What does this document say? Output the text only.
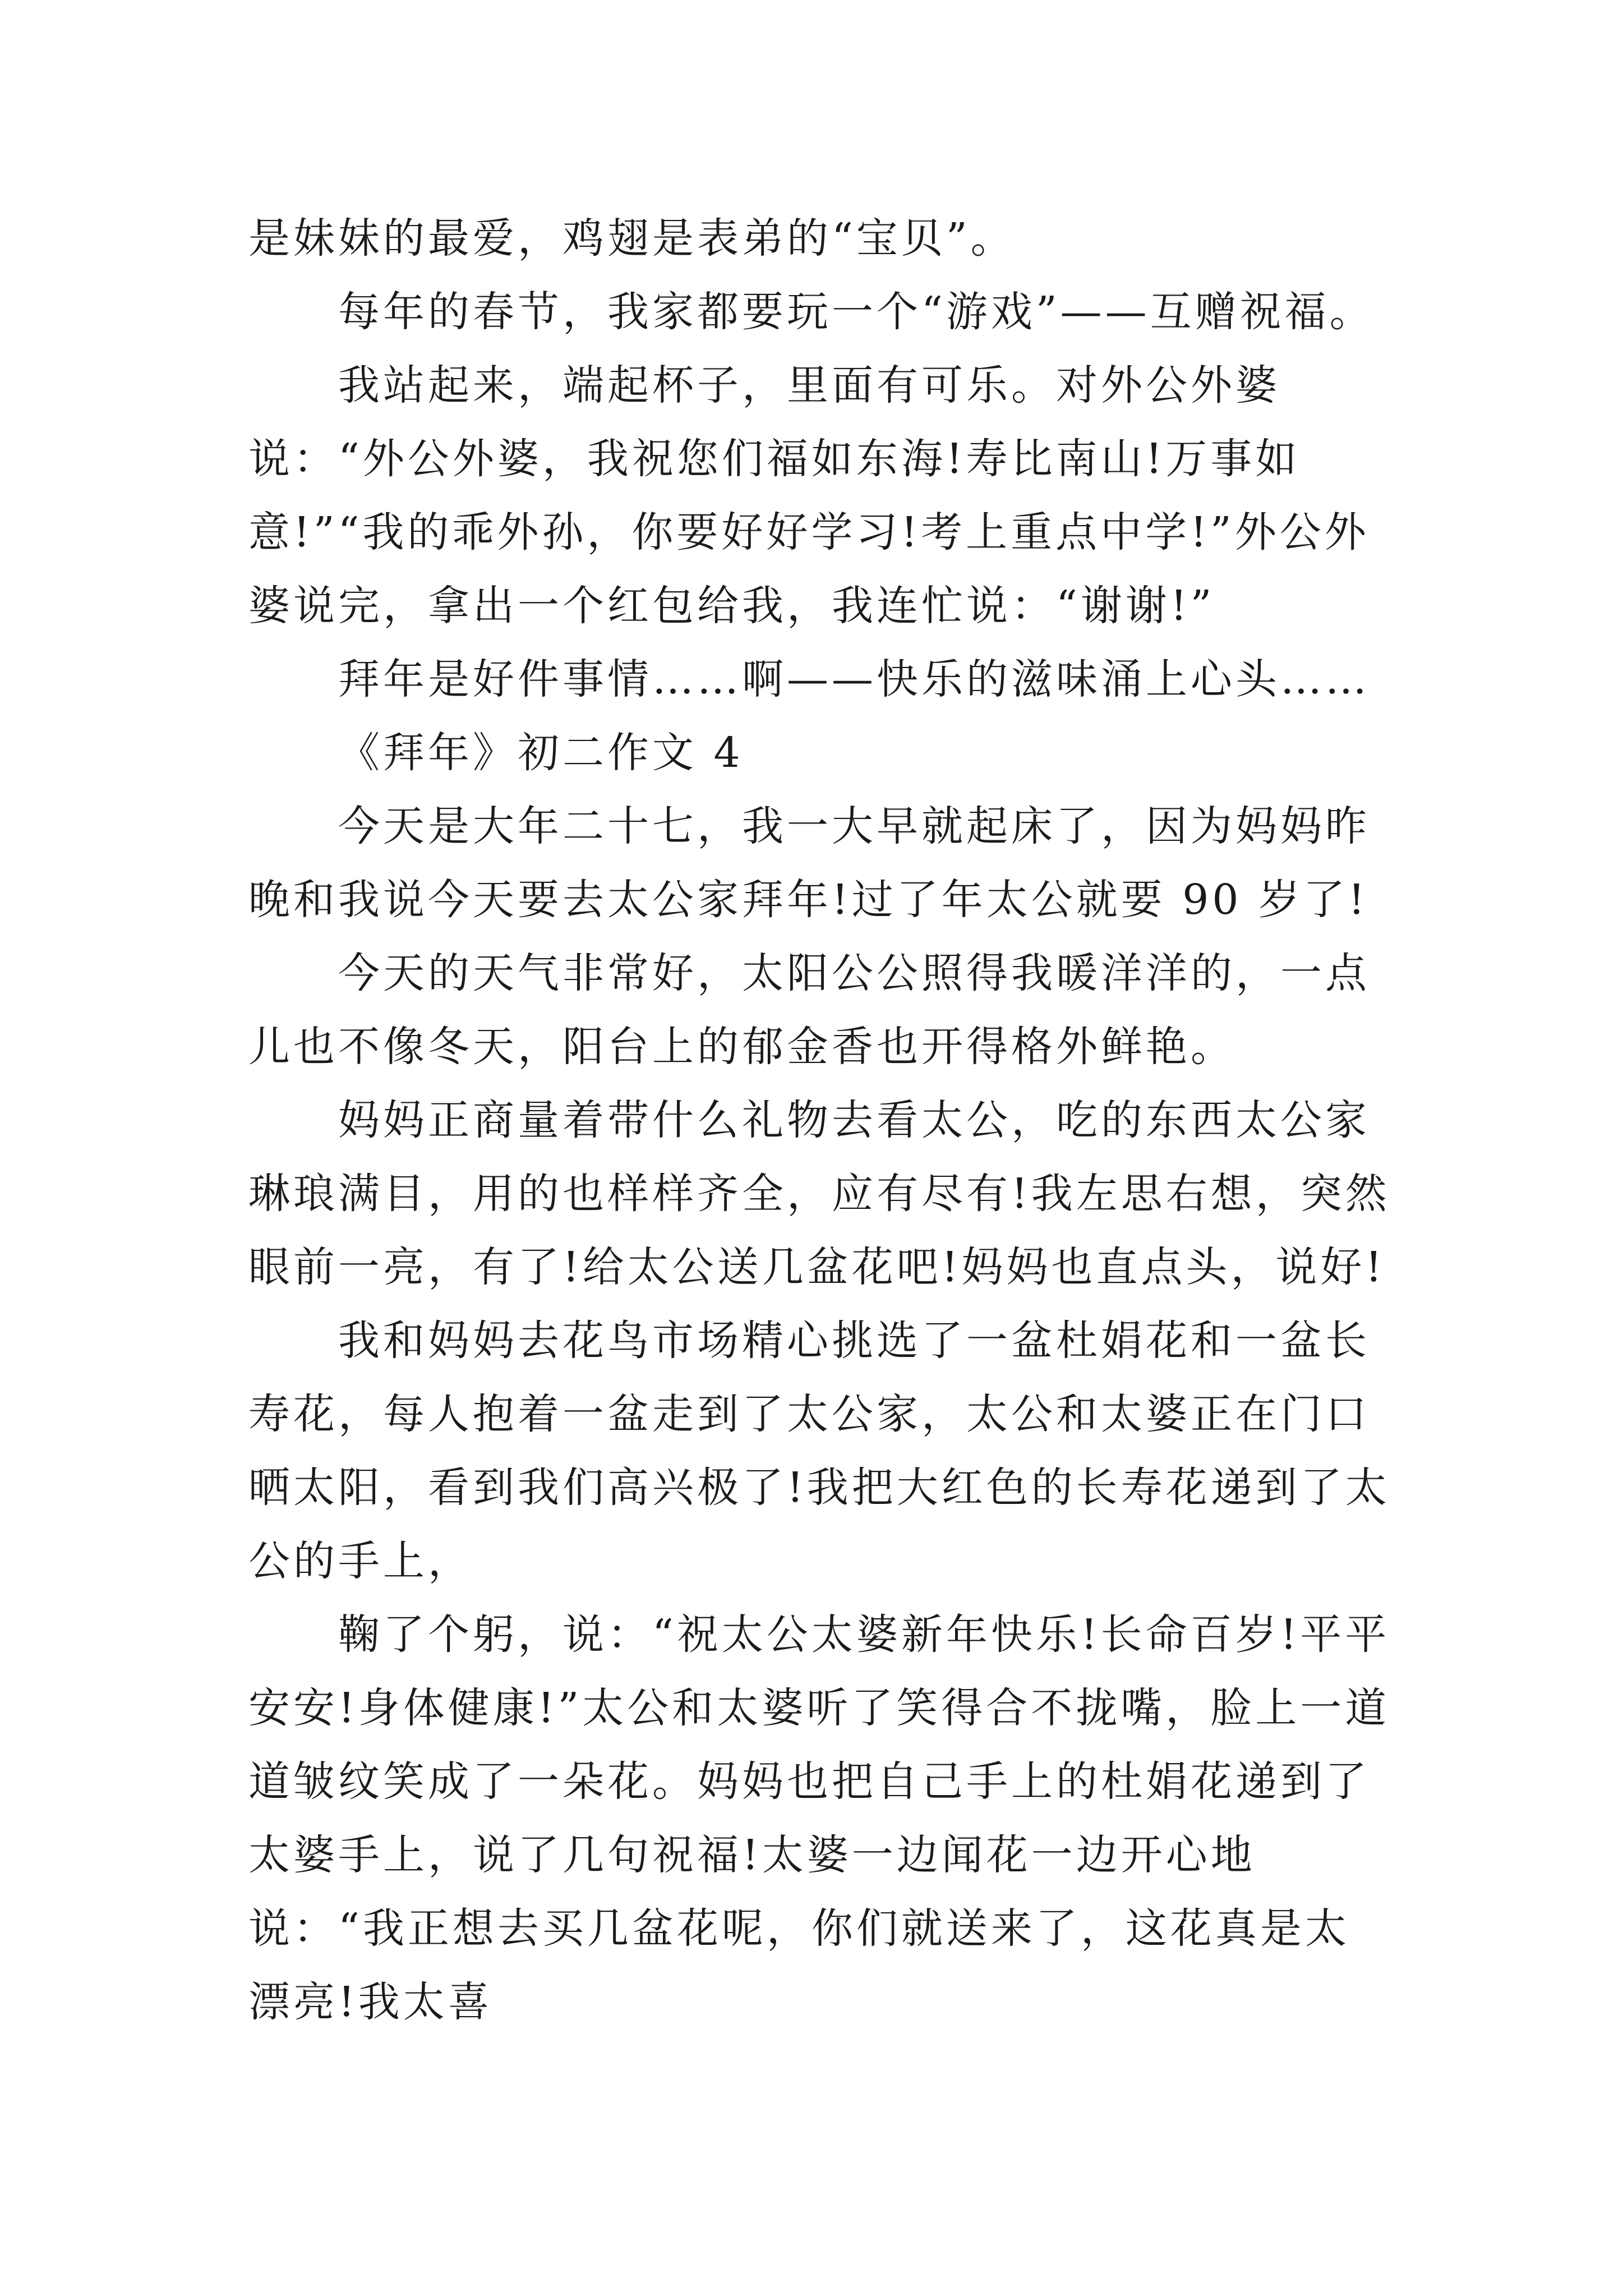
是妹妹的最爱，鸡翅是表弟的“宝贝”。

每年的春节，我家都要玩一个“游戏”——互赠祝福。

我站起来，端起杯子，里面有可乐。对外公外婆说：“外公外婆，我祝您们福如东海!寿比南山!万事如意!”“我的乖外孙，你要好好学习!考上重点中学!”外公外婆说完，拿出一个红包给我，我连忙说：“谢谢!”

拜年是好件事情……啊——快乐的滋味涌上心头……

《拜年》初二作文 4

今天是大年二十七，我一大早就起床了，因为妈妈昨晚和我说今天要去太公家拜年!过了年太公就要 90 岁了!

今天的天气非常好，太阳公公照得我暖洋洋的，一点儿也不像冬天，阳台上的郁金香也开得格外鲜艳。

妈妈正商量着带什么礼物去看太公，吃的东西太公家琳琅满目，用的也样样齐全，应有尽有!我左思右想，突然眼前一亮，有了!给太公送几盆花吧!妈妈也直点头，说好!

我和妈妈去花鸟市场精心挑选了一盆杜娟花和一盆长寿花，每人抱着一盆走到了太公家，太公和太婆正在门口晒太阳，看到我们高兴极了!我把大红色的长寿花递到了太公的手上，

鞠了个躬，说：“祝太公太婆新年快乐!长命百岁!平平安安!身体健康!”太公和太婆听了笑得合不拢嘴，脸上一道道皱纹笑成了一朵花。妈妈也把自己手上的杜娟花递到了太婆手上，说了几句祝福!太婆一边闻花一边开心地说：“我正想去买几盆花呢，你们就送来了，这花真是太漂亮!我太喜
